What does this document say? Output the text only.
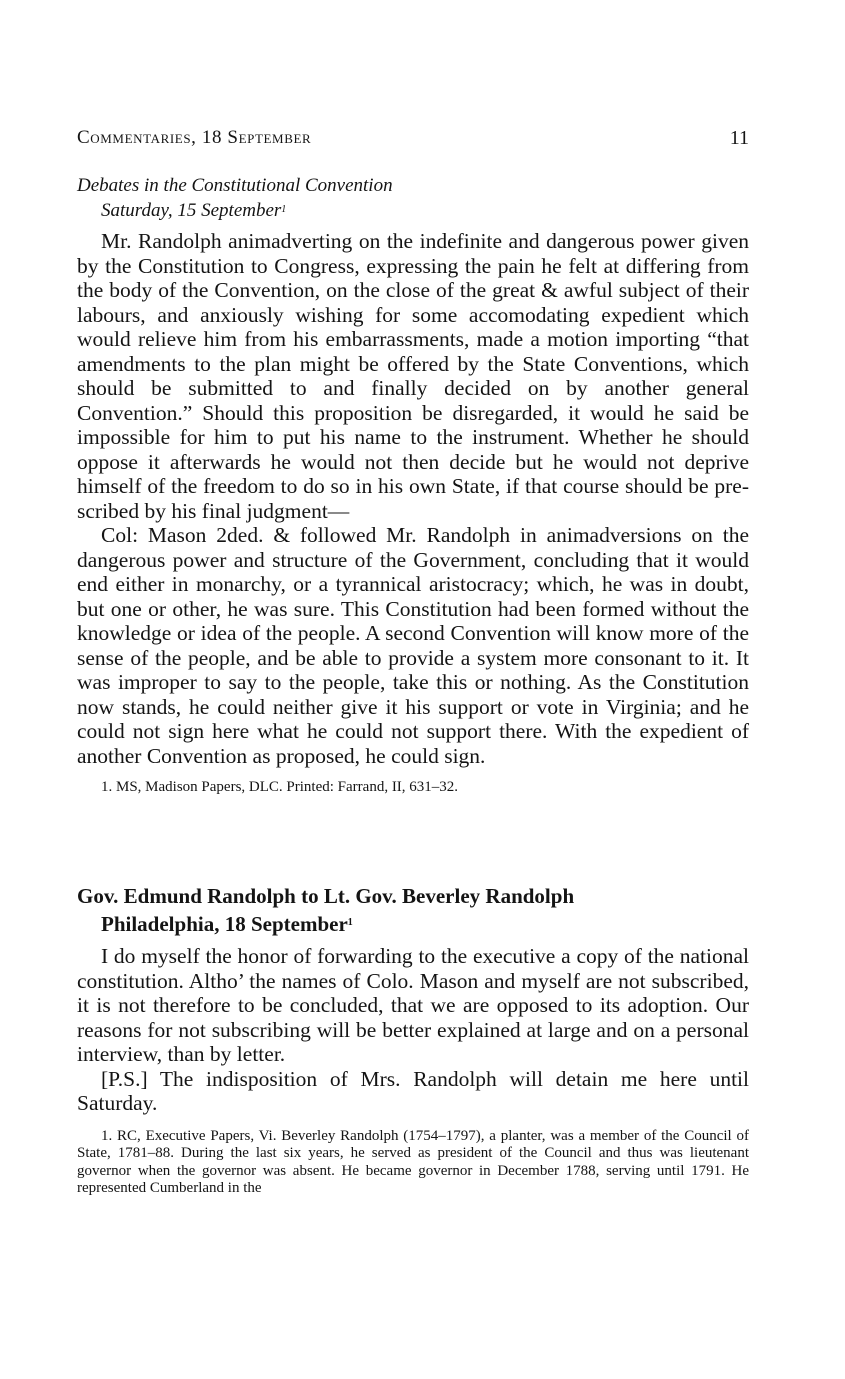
Commentaries, 18 September	11
Debates in the Constitutional Convention
Saturday, 15 September$^1$

Mr. Randolph animadverting on the indefinite and dangerous power given by the Constitution to Congress, expressing the pain he felt at differing from the body of the Convention, on the close of the great & awful subject of their labours, and anxiously wishing for some accomodating expedient which would relieve him from his embarrassments, made a motion importing “that amendments to the plan might be offered by the State Conventions, which should be submitted to and finally decided on by another general Convention.” Should this proposition be disregarded, it would he said be impossible for him to put his name to the instrument. Whether he should oppose it afterwards he would not then decide but he would not deprive himself of the freedom to do so in his own State, if that course should be prescribed by his final judgment—

Col: Mason 2ded. & followed Mr. Randolph in animadversions on the dangerous power and structure of the Government, concluding that it would end either in monarchy, or a tyrannical aristocracy; which, he was in doubt, but one or other, he was sure. This Constitution had been formed without the knowledge or idea of the people. A second Convention will know more of the sense of the people, and be able to provide a system more consonant to it. It was improper to say to the people, take this or nothing. As the Constitution now stands, he could neither give it his support or vote in Virginia; and he could not sign here what he could not support there. With the expedient of another Convention as proposed, he could sign.

1. MS, Madison Papers, DLC. Printed: Farrand, II, 631–32.

Gov. Edmund Randolph to Lt. Gov. Beverley Randolph
Philadelphia, 18 September$^1$

I do myself the honor of forwarding to the executive a copy of the national constitution. Altho’ the names of Colo. Mason and myself are not subscribed, it is not therefore to be concluded, that we are opposed to its adoption. Our reasons for not subscribing will be better explained at large and on a personal interview, than by letter.

[P.S.] The indisposition of Mrs. Randolph will detain me here until Saturday.

1. RC, Executive Papers, Vi. Beverley Randolph (1754–1797), a planter, was a member of the Council of State, 1781–88. During the last six years, he served as president of the Council and thus was lieutenant governor when the governor was absent. He became governor in December 1788, serving until 1791. He represented Cumberland in the
